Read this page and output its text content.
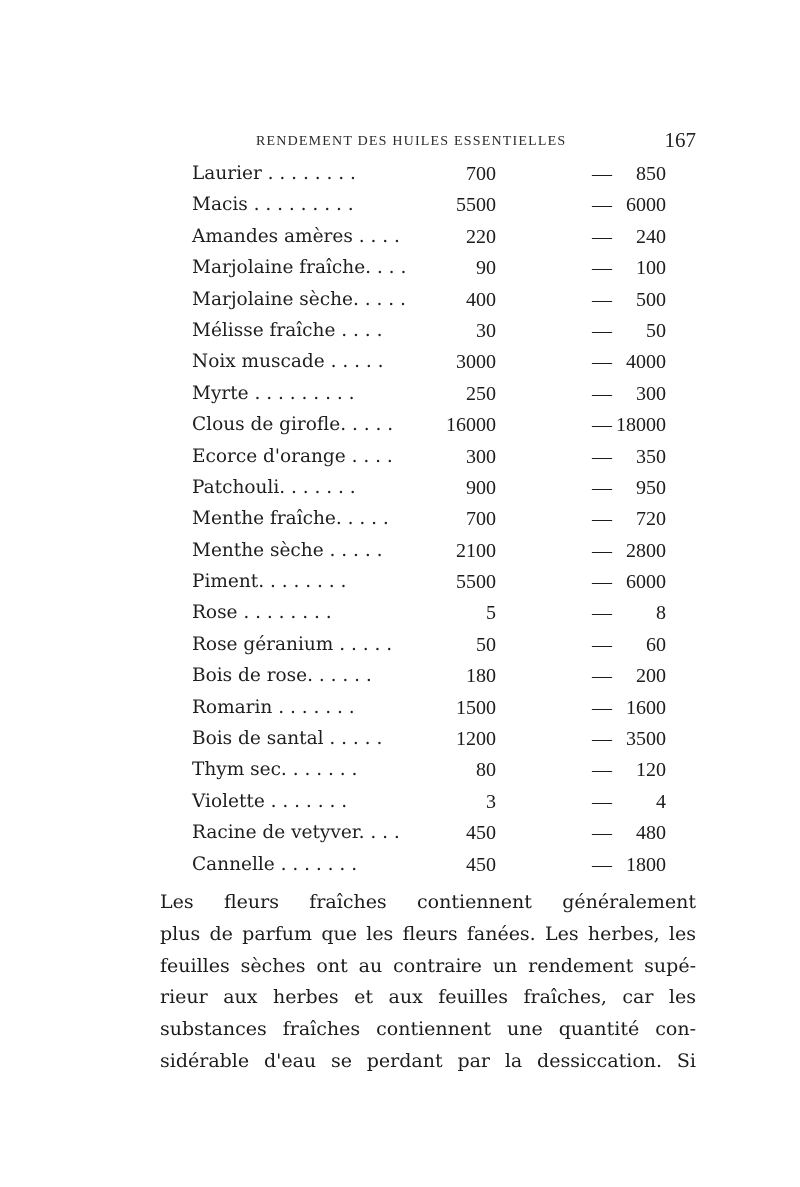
RENDEMENT DES HUILES ESSENTIELLES	167
Laurier . . . . . . . .	700	— 850
Macis . . . . . . . . .	5500	— 6000
Amandes amères . . . .	220	— 240
Marjolaine fraîche. . . .	90	— 100
Marjolaine sèche. . . . .	400	— 500
Mélisse fraîche . . . .	30	— 50
Noix muscade . . . . .	3000	— 4000
Myrte . . . . . . . . .	250	— 300
Clous de girofle. . . . .	16000	— 18000
Ecorce d'orange . . . .	300	— 350
Patchouli. . . . . . .	900	— 950
Menthe fraîche. . . . .	700	— 720
Menthe sèche . . . . .	2100	— 2800
Piment. . . . . . . .	5500	— 6000
Rose . . . . . . . .	5	— 8
Rose géranium . . . . .	50	— 60
Bois de rose. . . . . .	180	— 200
Romarin . . . . . . .	1500	— 1600
Bois de santal . . . . .	1200	— 3500
Thym sec. . . . . . .	80	— 120
Violette . . . . . . .	3	— 4
Racine de vetyver. . . .	450	— 480
Cannelle . . . . . . .	450	— 1800
Les fleurs fraîches contiennent généralement
plus de parfum que les fleurs fanées. Les herbes, les
feuilles sèches ont au contraire un rendement supé-
rieur aux herbes et aux feuilles fraîches, car les
substances fraîches contiennent une quantité con-
sidérable d'eau se perdant par la dessiccation. Si
